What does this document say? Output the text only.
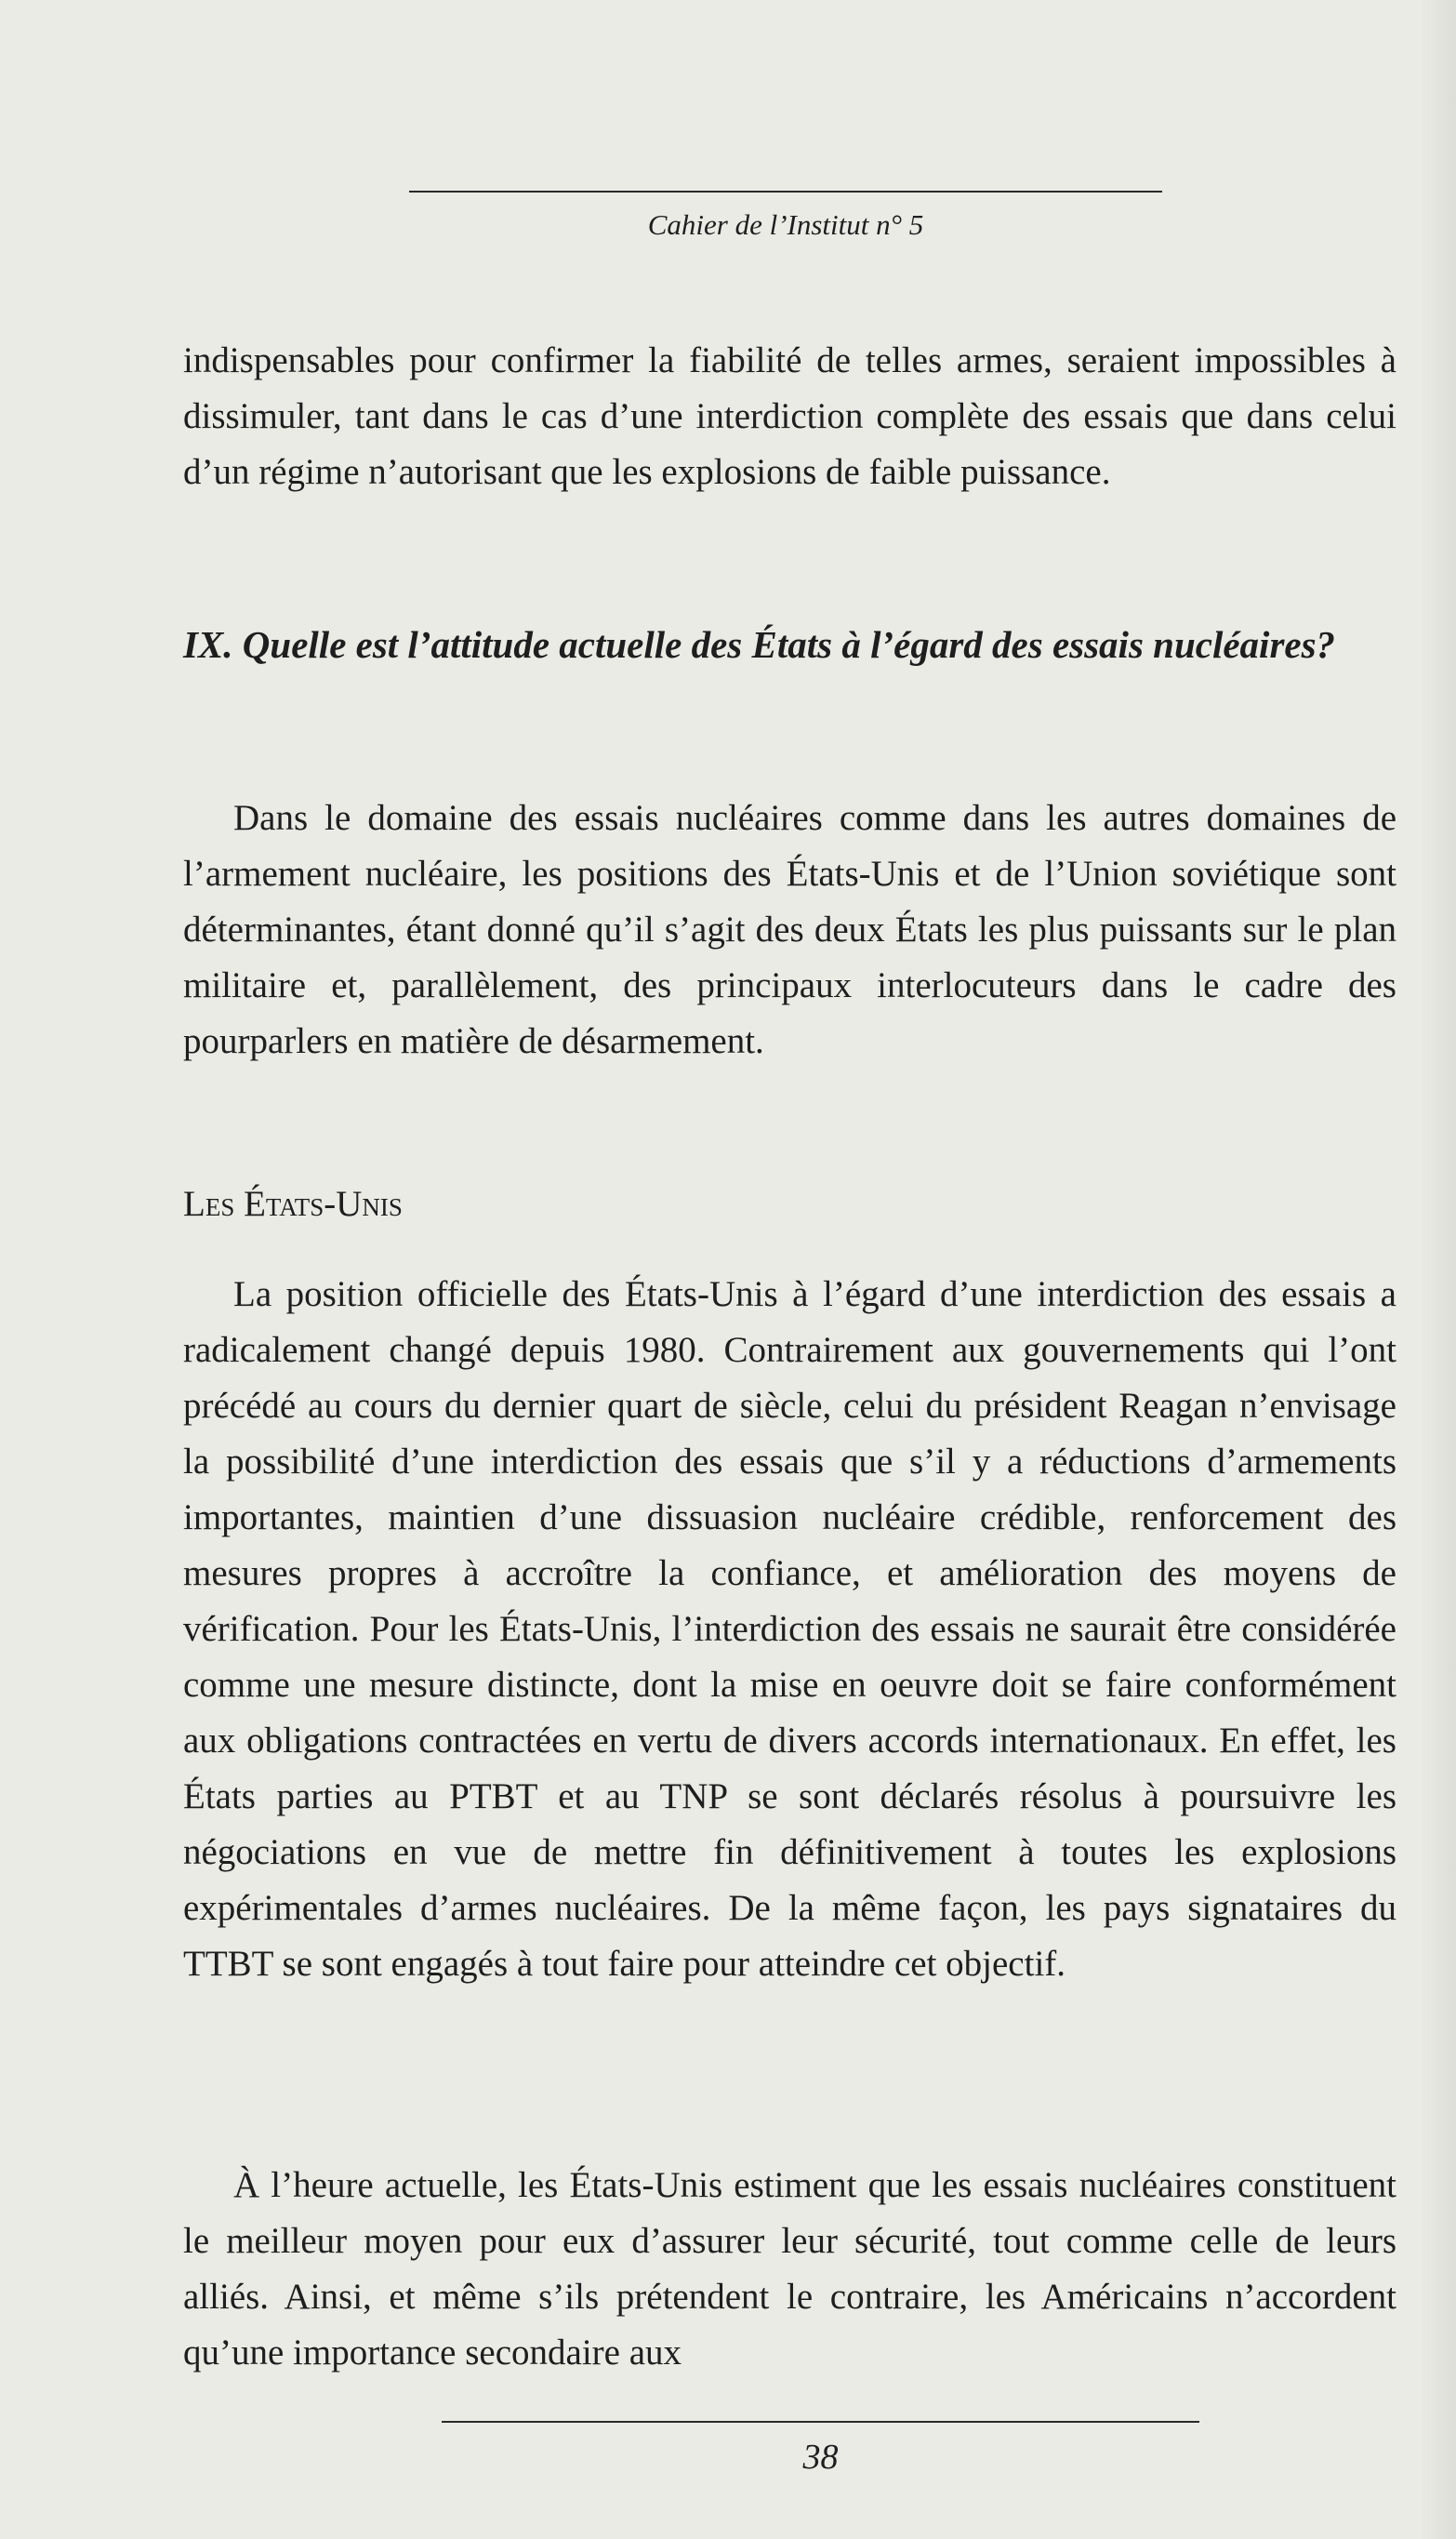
Cahier de l’Institut n° 5

indispensables pour confirmer la fiabilité de telles armes, seraient impossibles à dissimuler, tant dans le cas d’une interdiction complète des essais que dans celui d’un régime n’autorisant que les explosions de faible puissance.

IX. Quelle est l’attitude actuelle des États à l’égard des essais nucléaires?

Dans le domaine des essais nucléaires comme dans les autres domaines de l’armement nucléaire, les positions des États-Unis et de l’Union soviétique sont déterminantes, étant donné qu’il s’agit des deux États les plus puissants sur le plan militaire et, parallèlement, des principaux interlocuteurs dans le cadre des pourparlers en matière de désarmement.

Les États-Unis

La position officielle des États-Unis à l’égard d’une interdiction des essais a radicalement changé depuis 1980. Contrairement aux gouvernements qui l’ont précédé au cours du dernier quart de siècle, celui du président Reagan n’envisage la possibilité d’une interdiction des essais que s’il y a réductions d’armements importantes, maintien d’une dissuasion nucléaire crédible, renforcement des mesures propres à accroître la confiance, et amélioration des moyens de vérification. Pour les États-Unis, l’interdiction des essais ne saurait être considérée comme une mesure distincte, dont la mise en oeuvre doit se faire conformément aux obligations contractées en vertu de divers accords internationaux. En effet, les États parties au PTBT et au TNP se sont déclarés résolus à poursuivre les négociations en vue de mettre fin définitivement à toutes les explosions expérimentales d’armes nucléaires. De la même façon, les pays signataires du TTBT se sont engagés à tout faire pour atteindre cet objectif.

À l’heure actuelle, les États-Unis estiment que les essais nucléaires constituent le meilleur moyen pour eux d’assurer leur sécurité, tout comme celle de leurs alliés. Ainsi, et même s’ils prétendent le contraire, les Américains n’accordent qu’une importance secondaire aux

38
